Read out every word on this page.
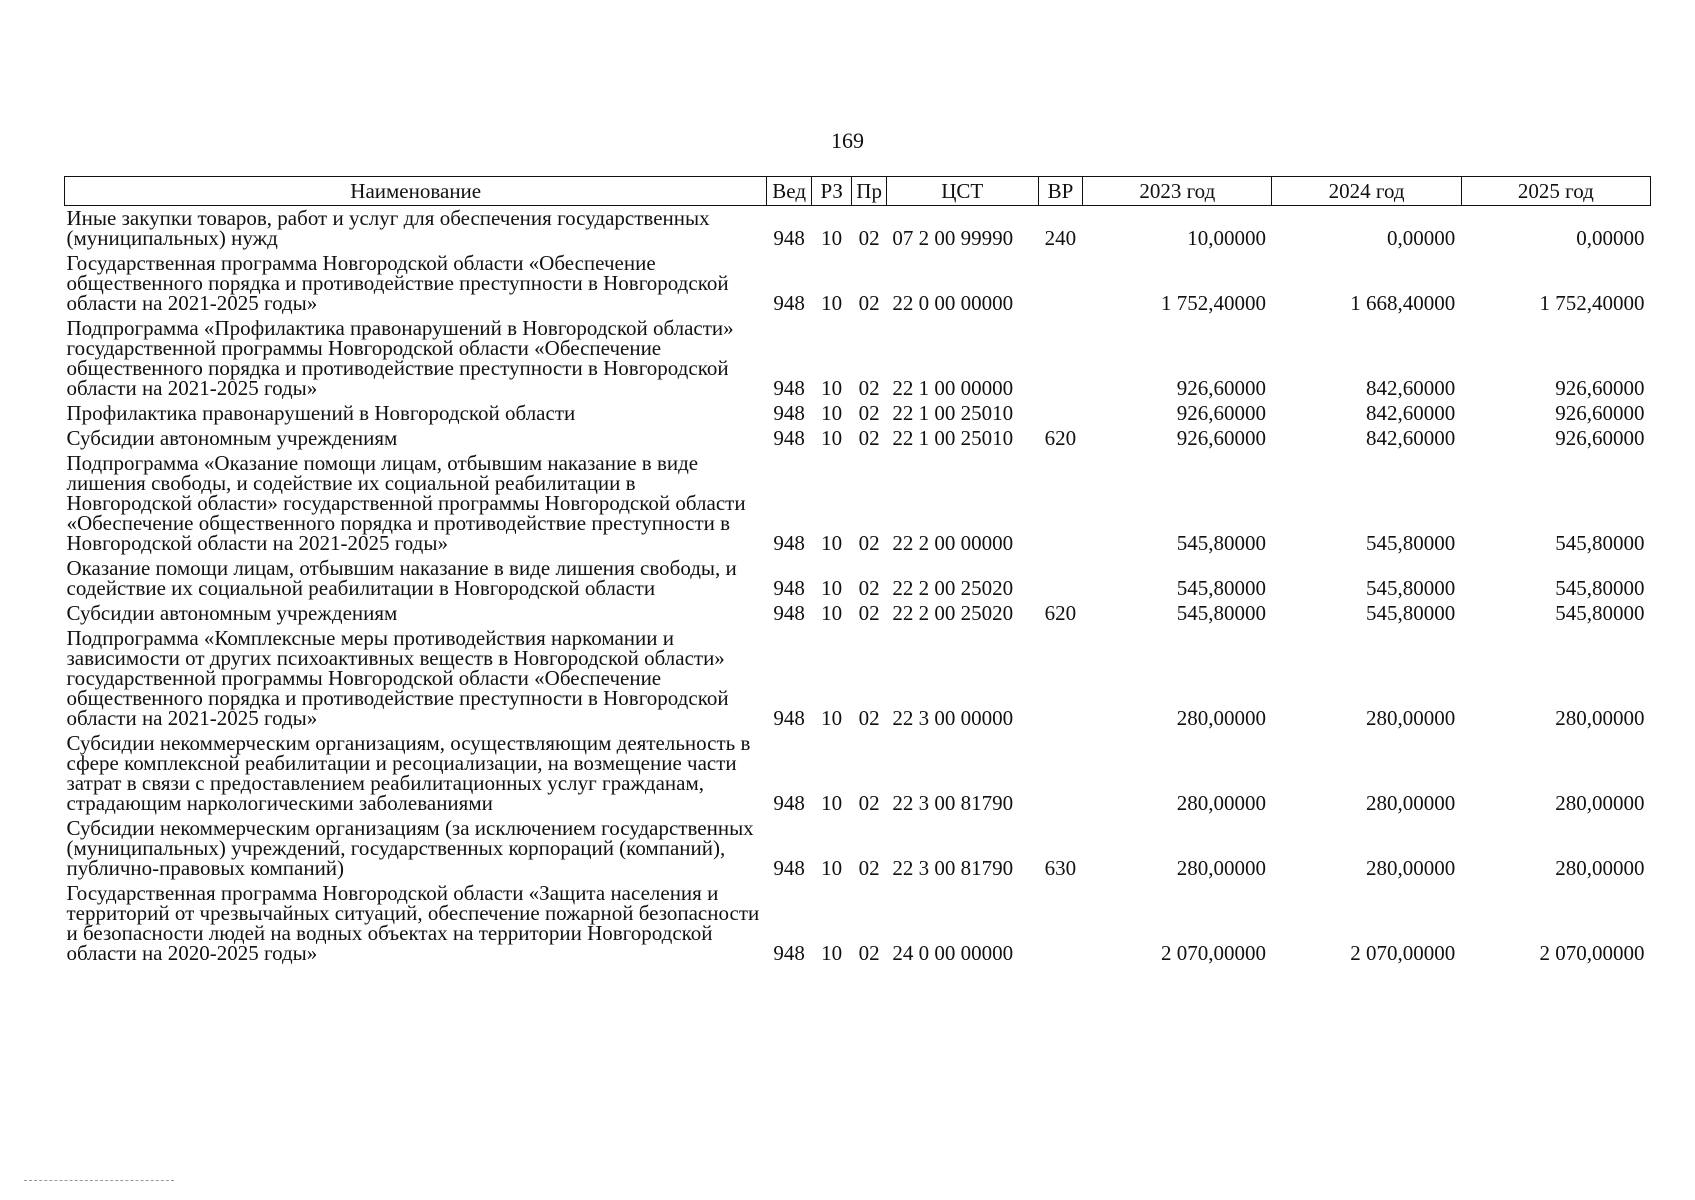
169
Наименование	Вед	РЗ	Пр	ЦСТ	ВР	2023 год	2024 год	2025 год
Иные закупки товаров, работ и услуг для обеспечения государственных (муниципальных) нужд	948	10	02	07 2 00 99990	240	10,00000	0,00000	0,00000
Государственная программа Новгородской области «Обеспечение общественного порядка и противодействие преступности в Новгородской области на 2021-2025 годы»	948	10	02	22 0 00 00000		1 752,40000	1 668,40000	1 752,40000
Подпрограмма «Профилактика правонарушений в Новгородской области» государственной программы Новгородской области «Обеспечение общественного порядка и противодействие преступности в Новгородской области на 2021-2025 годы»	948	10	02	22 1 00 00000		926,60000	842,60000	926,60000
Профилактика правонарушений в Новгородской области	948	10	02	22 1 00 25010		926,60000	842,60000	926,60000
Субсидии автономным учреждениям	948	10	02	22 1 00 25010	620	926,60000	842,60000	926,60000
Подпрограмма «Оказание помощи лицам, отбывшим наказание в виде лишения свободы, и содействие их социальной реабилитации в Новгородской области» государственной программы Новгородской области «Обеспечение общественного порядка и противодействие преступности в Новгородской области на 2021-2025 годы»	948	10	02	22 2 00 00000		545,80000	545,80000	545,80000
Оказание помощи лицам, отбывшим наказание в виде лишения свободы, и содействие их социальной реабилитации в Новгородской области	948	10	02	22 2 00 25020		545,80000	545,80000	545,80000
Субсидии автономным учреждениям	948	10	02	22 2 00 25020	620	545,80000	545,80000	545,80000
Подпрограмма «Комплексные меры противодействия наркомании и зависимости от других психоактивных веществ в Новгородской области» государственной программы Новгородской области «Обеспечение общественного порядка и противодействие преступности в Новгородской области на 2021-2025 годы»	948	10	02	22 3 00 00000		280,00000	280,00000	280,00000
Субсидии некоммерческим организациям, осуществляющим деятельность в сфере комплексной реабилитации и ресоциализации, на возмещение части затрат в связи с предоставлением реабилитационных услуг гражданам, страдающим наркологическими заболеваниями	948	10	02	22 3 00 81790		280,00000	280,00000	280,00000
Субсидии некоммерческим организациям (за исключением государственных (муниципальных) учреждений, государственных корпораций (компаний), публично-правовых компаний)	948	10	02	22 3 00 81790	630	280,00000	280,00000	280,00000
Государственная программа Новгородской области «Защита населения и территорий от чрезвычайных ситуаций, обеспечение пожарной безопасности и безопасности людей на водных объектах на территории Новгородской области на 2020-2025 годы»	948	10	02	24 0 00 00000		2 070,00000	2 070,00000	2 070,00000
